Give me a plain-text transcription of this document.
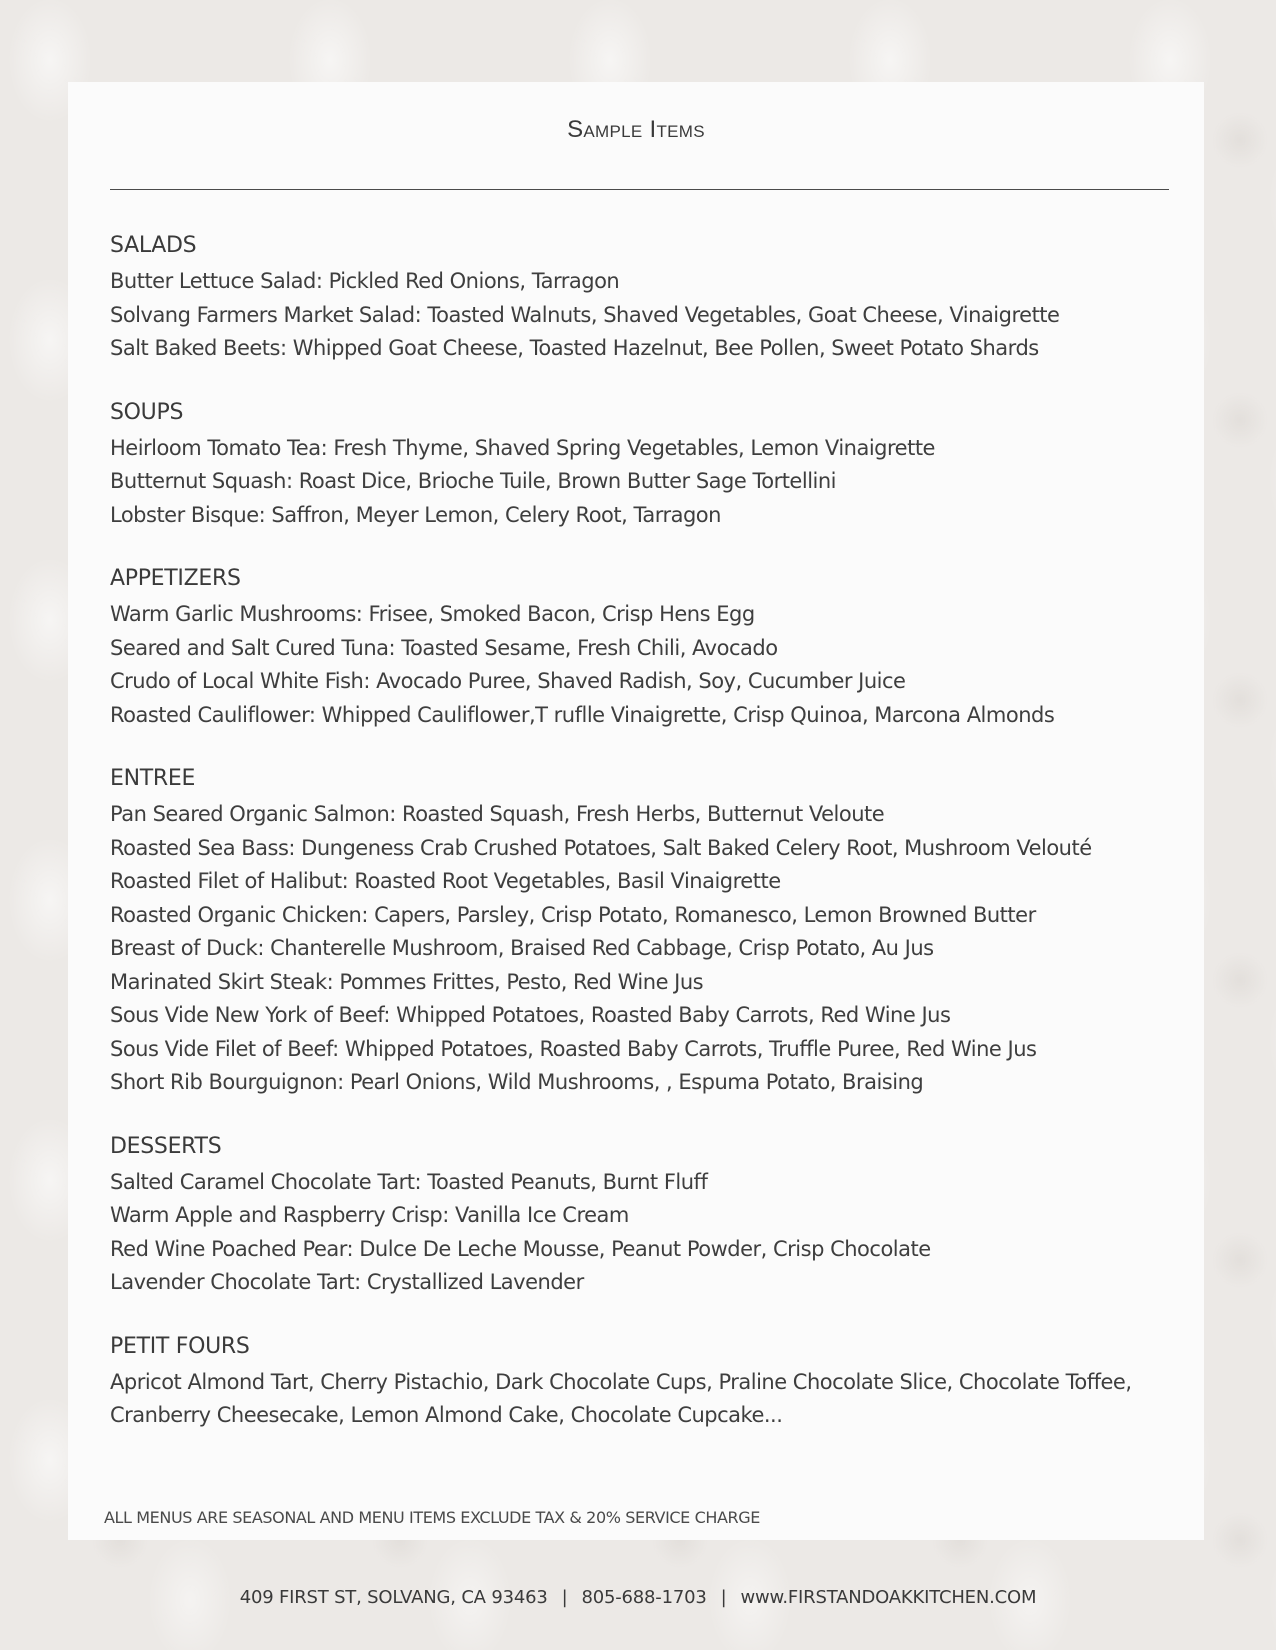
Sample Items
SALADS
Butter Lettuce Salad: Pickled Red Onions, Tarragon
Solvang Farmers Market Salad: Toasted Walnuts, Shaved Vegetables, Goat Cheese, Vinaigrette
Salt Baked Beets: Whipped Goat Cheese, Toasted Hazelnut, Bee Pollen, Sweet Potato Shards
SOUPS
Heirloom Tomato Tea: Fresh Thyme, Shaved Spring Vegetables, Lemon Vinaigrette
Butternut Squash: Roast Dice, Brioche Tuile, Brown Butter Sage Tortellini
Lobster Bisque: Saffron, Meyer Lemon, Celery Root, Tarragon
APPETIZERS
Warm Garlic Mushrooms: Frisee, Smoked Bacon, Crisp Hens Egg
Seared and Salt Cured Tuna: Toasted Sesame, Fresh Chili, Avocado
Crudo of Local White Fish: Avocado Puree, Shaved Radish, Soy, Cucumber Juice
Roasted Cauliflower: Whipped Cauliflower,T ruflle Vinaigrette, Crisp Quinoa, Marcona Almonds
ENTREE
Pan Seared Organic Salmon: Roasted Squash, Fresh Herbs, Butternut Veloute
Roasted Sea Bass: Dungeness Crab Crushed Potatoes, Salt Baked Celery Root, Mushroom Velouté
Roasted Filet of Halibut: Roasted Root Vegetables, Basil Vinaigrette
Roasted Organic Chicken: Capers, Parsley, Crisp Potato, Romanesco, Lemon Browned Butter
Breast of Duck: Chanterelle Mushroom, Braised Red Cabbage, Crisp Potato, Au Jus
Marinated Skirt Steak: Pommes Frittes, Pesto, Red Wine Jus
Sous Vide New York of Beef: Whipped Potatoes, Roasted Baby Carrots, Red Wine Jus
Sous Vide Filet of Beef: Whipped Potatoes, Roasted Baby Carrots, Truffle Puree, Red Wine Jus
Short Rib Bourguignon: Pearl Onions, Wild Mushrooms, , Espuma Potato, Braising
DESSERTS
Salted Caramel Chocolate Tart: Toasted Peanuts, Burnt Fluff
Warm Apple and Raspberry Crisp: Vanilla Ice Cream
Red Wine Poached Pear: Dulce De Leche Mousse, Peanut Powder, Crisp Chocolate
Lavender Chocolate Tart: Crystallized Lavender
PETIT FOURS
Apricot Almond Tart, Cherry Pistachio, Dark Chocolate Cups, Praline Chocolate Slice, Chocolate Toffee, Cranberry Cheesecake, Lemon Almond Cake, Chocolate Cupcake...
ALL MENUS ARE SEASONAL AND MENU ITEMS EXCLUDE TAX & 20% SERVICE CHARGE
409 FIRST ST, SOLVANG, CA 93463 | 805-688-1703 | www.FIRSTANDOAKKITCHEN.COM
